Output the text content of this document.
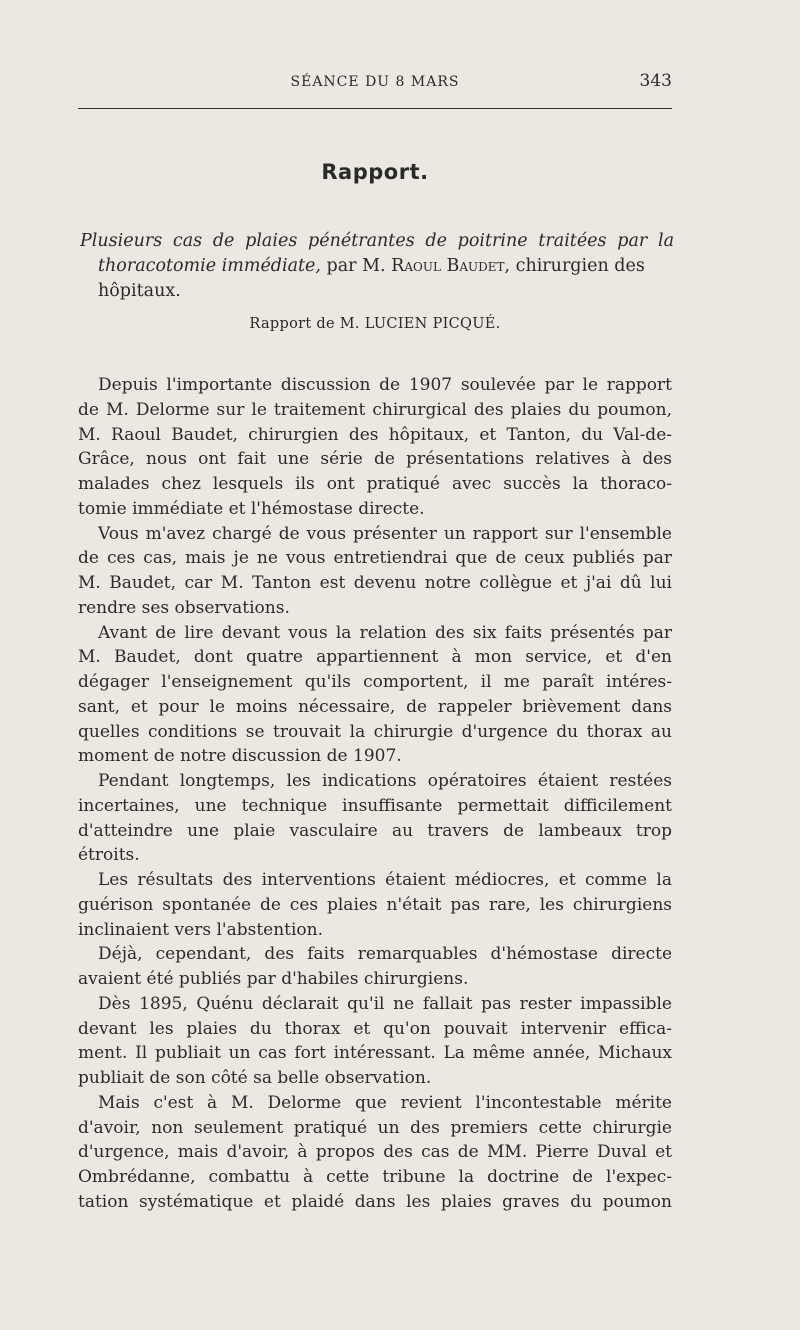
SÉANCE DU 8 MARS	343
Rapport.
Plusieurs cas de plaies pénétrantes de poitrine traitées par la
thoracotomie immédiate, par M. Raoul Baudet, chirurgien des
hôpitaux.
Rapport de M. LUCIEN PICQUÉ.
Depuis l'importante discussion de 1907 soulevée par le rapport
de M. Delorme sur le traitement chirurgical des plaies du poumon,
M. Raoul Baudet, chirurgien des hôpitaux, et Tanton, du Val-de-
Grâce, nous ont fait une série de présentations relatives à des
malades chez lesquels ils ont pratiqué avec succès la thoraco-
tomie immédiate et l'hémostase directe.
Vous m'avez chargé de vous présenter un rapport sur l'ensemble
de ces cas, mais je ne vous entretiendrai que de ceux publiés par
M. Baudet, car M. Tanton est devenu notre collègue et j'ai dû lui
rendre ses observations.
Avant de lire devant vous la relation des six faits présentés par
M. Baudet, dont quatre appartiennent à mon service, et d'en
dégager l'enseignement qu'ils comportent, il me paraît intéres-
sant, et pour le moins nécessaire, de rappeler brièvement dans
quelles conditions se trouvait la chirurgie d'urgence du thorax au
moment de notre discussion de 1907.
Pendant longtemps, les indications opératoires étaient restées
incertaines, une technique insuffisante permettait difficilement
d'atteindre une plaie vasculaire au travers de lambeaux trop
étroits.
Les résultats des interventions étaient médiocres, et comme la
guérison spontanée de ces plaies n'était pas rare, les chirurgiens
inclinaient vers l'abstention.
Déjà, cependant, des faits remarquables d'hémostase directe
avaient été publiés par d'habiles chirurgiens.
Dès 1895, Quénu déclarait qu'il ne fallait pas rester impassible
devant les plaies du thorax et qu'on pouvait intervenir effica-
ment. Il publiait un cas fort intéressant. La même année, Michaux
publiait de son côté sa belle observation.
Mais c'est à M. Delorme que revient l'incontestable mérite
d'avoir, non seulement pratiqué un des premiers cette chirurgie
d'urgence, mais d'avoir, à propos des cas de MM. Pierre Duval et
Ombrédanne, combattu à cette tribune la doctrine de l'expec-
tation systématique et plaidé dans les plaies graves du poumon
